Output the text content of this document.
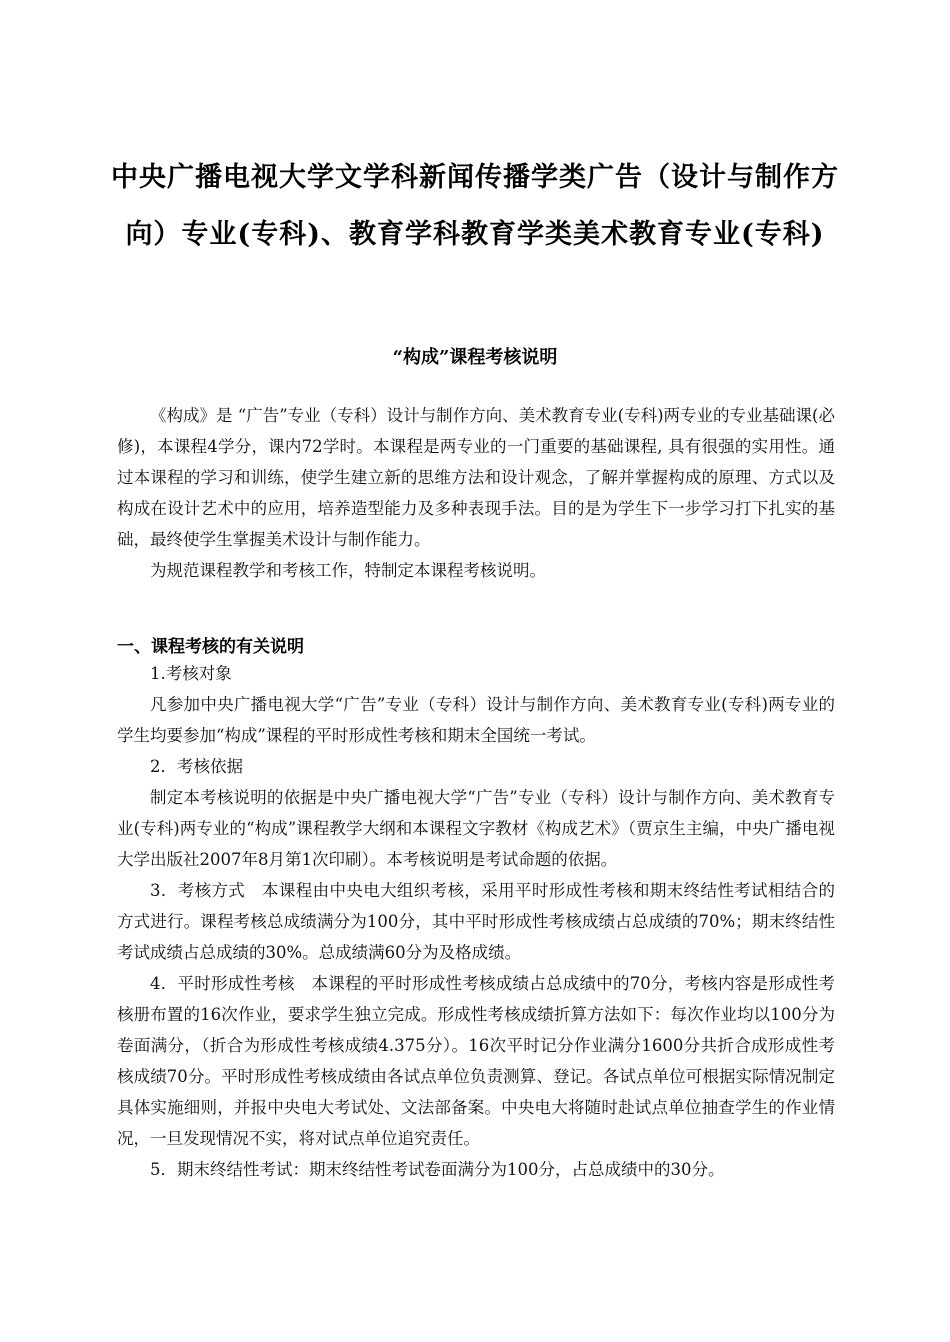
中央广播电视大学文学科新闻传播学类广告（设计与制作方
向）专业(专科)、教育学科教育学类美术教育专业(专科)
“构成”课程考核说明

《构成》是 “广告”专业（专科）设计与制作方向、美术教育专业(专科)两专业的专业基础课(必修)，本课程4学分，课内72学时。本课程是两专业的一门重要的基础课程, 具有很强的实用性。通过本课程的学习和训练，使学生建立新的思维方法和设计观念，了解并掌握构成的原理、方式以及构成在设计艺术中的应用，培养造型能力及多种表现手法。目的是为学生下一步学习打下扎实的基础，最终使学生掌握美术设计与制作能力。

为规范课程教学和考核工作，特制定本课程考核说明。

一、课程考核的有关说明

1.考核对象

凡参加中央广播电视大学“广告”专业（专科）设计与制作方向、美术教育专业(专科)两专业的学生均要参加“构成”课程的平时形成性考核和期末全国统一考试。

2．考核依据

制定本考核说明的依据是中央广播电视大学“广告”专业（专科）设计与制作方向、美术教育专业(专科)两专业的“构成”课程教学大纲和本课程文字教材《构成艺术》（贾京生主编，中央广播电视大学出版社2007年8月第1次印刷）。本考核说明是考试命题的依据。

3．考核方式　本课程由中央电大组织考核，采用平时形成性考核和期末终结性考试相结合的方式进行。课程考核总成绩满分为100分，其中平时形成性考核成绩占总成绩的70%；期末终结性考试成绩占总成绩的30%。总成绩满60分为及格成绩。

4．平时形成性考核　本课程的平时形成性考核成绩占总成绩中的70分，考核内容是形成性考核册布置的16次作业，要求学生独立完成。形成性考核成绩折算方法如下：每次作业均以100分为卷面满分，（折合为形成性考核成绩4.375分）。16次平时记分作业满分1600分共折合成形成性考核成绩70分。平时形成性考核成绩由各试点单位负责测算、登记。各试点单位可根据实际情况制定具体实施细则，并报中央电大考试处、文法部备案。中央电大将随时赴试点单位抽查学生的作业情况，一旦发现情况不实，将对试点单位追究责任。

5．期末终结性考试：期末终结性考试卷面满分为100分，占总成绩中的30分。
